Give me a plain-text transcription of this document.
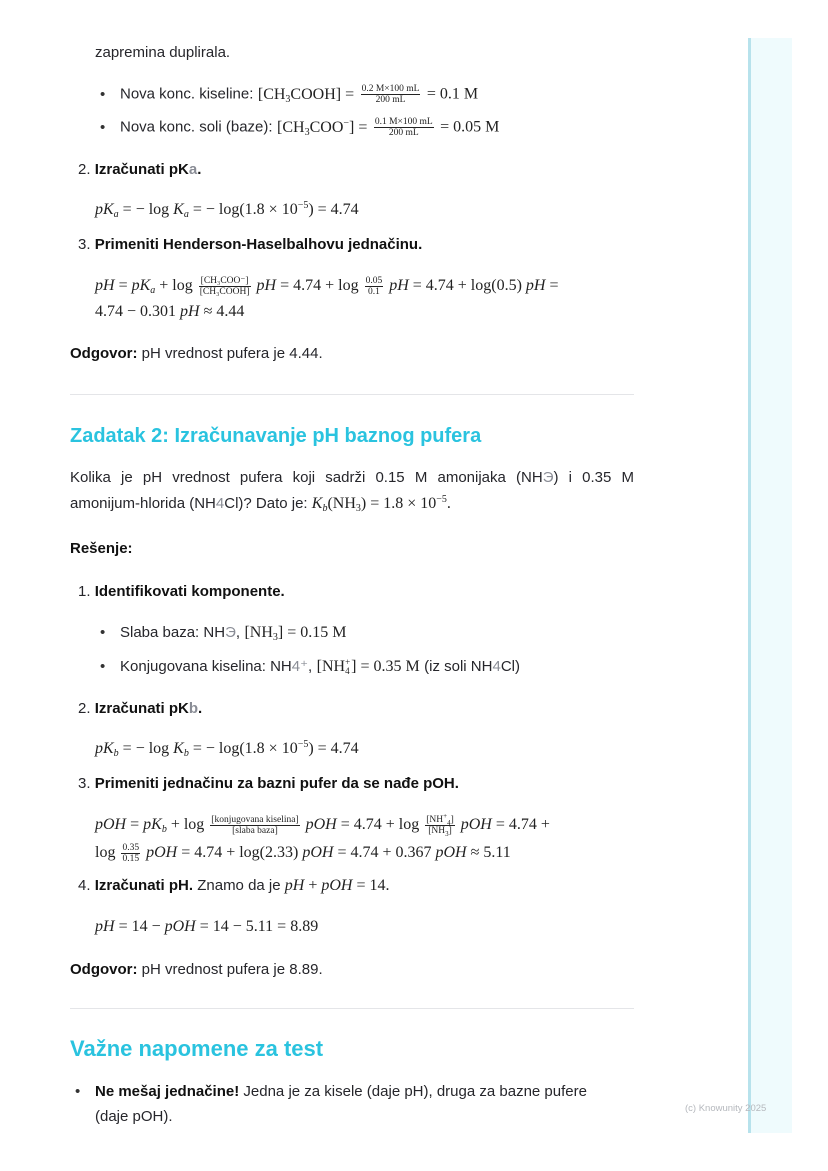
zapremina duplirala.
Nova konc. kiseline: $[CH_3COOH] = \frac{0.2 M\times 100 mL}{200 mL} = 0.1$ M
Nova konc. soli (baze): $[CH_3COO^-] = \frac{0.1 M\times 100 mL}{200 mL} = 0.05$ M
2. Izračunati pKa.
$pK_a$ = − $\log K_a$ = − $\log(1.8 \times 10^{-5}) = 4.74$
3. Primeniti Henderson-Haselbalhovu jednačinu.
pH = $pK_a + \log \frac{\text{[CH₃COO⁻]}}{\text{[CH₃COOH]}}$ pH = $4.74 + \log \frac{0.05}{0.1}$ pH = 4.74 + log(0.5) pH =
4.74 − 0.301 pH ≈ 4.44
Odgovor: pH vrednost pufera je 4.44.
Zadatak 2: Izračunavanje pH baznog pufera
Kolika je pH vrednost pufera koji sadrži 0.15 M amonijaka (NHЭ) i 0.35 M
amonijum-hlorida (NH4Cl)? Dato je: $K_b(NH_3) = 1.8 \times 10^{-5}$.
Rešenje:
1. Identifikovati komponente.
Slaba baza: NHЭ, $[NH_3] = 0.15$ M
Konjugovana kiselina: NH4⁺, [NH +
4 ] = 0.35 M (iz soli NH4Cl)
2. Izračunati pKb.
$pK_b$ = − $\log K_b$ = − $\log(1.8 \times 10^{-5}) = 4.74$
3. Primeniti jednačinu za bazni pufer da se nađe pOH.
pOH = $pK_b + \log \frac{\text{[konjugovana kiselina]}}{\text{[slaba baza]}}$ pOH = $4.74 + \log \frac{[NH^+_4]}{[NH_3]}$ pOH = 4.74 +
$\log \frac{0.35}{0.15}$ pOH = 4.74 + log(2.33) pOH = 4.74 + 0.367 pOH ≈ 5.11
4. Izračunati pH. Znamo da je pH + pOH = 14.
pH = 14 − pOH = 14 − 5.11 = 8.89
Odgovor: pH vrednost pufera je 8.89.
Važne napomene za test
Ne mešaj jednačine! Jedna je za kisele (daje pH), druga za bazne pufere
(daje pOH).	(c) Knowunity 2025
